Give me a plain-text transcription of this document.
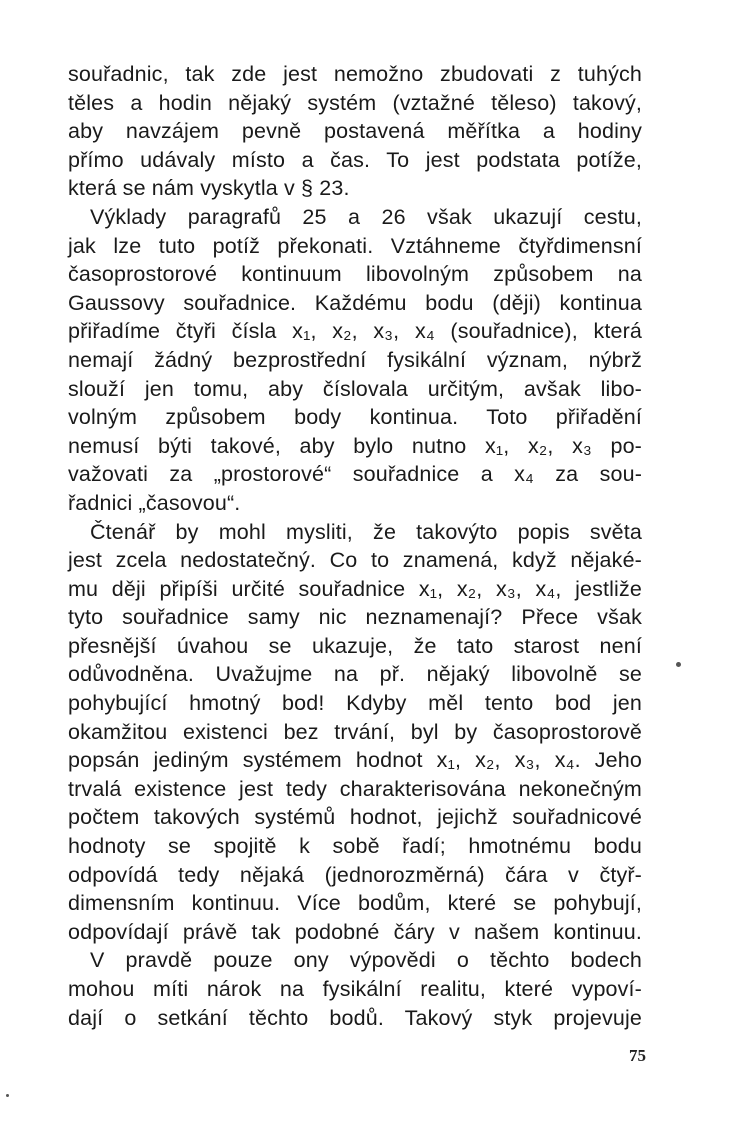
souřadnic, tak zde jest nemožno zbudovati z tuhých
těles a hodin nějaký systém (vztažné těleso) takový,
aby navzájem pevně postavená měřítka a hodiny
přímo udávaly místo a čas. To jest podstata potíže,
která se nám vyskytla v § 23.
Výklady paragrafů 25 a 26 však ukazují cestu,
jak lze tuto potíž překonati. Vztáhneme čtyřdimensní
časoprostorové kontinuum libovolným způsobem na
Gaussovy souřadnice. Každému bodu (ději) kontinua
přiřadíme čtyři čísla x₁, x₂, x₃, x₄ (souřadnice), která
nemají žádný bezprostřední fysikální význam, nýbrž
slouží jen tomu, aby číslovala určitým, avšak libo-
volným způsobem body kontinua. Toto přiřadění
nemusí býti takové, aby bylo nutno x₁, x₂, x₃ po-
važovati za „prostorové“ souřadnice a x₄ za sou-
řadnici „časovou“.
Čtenář by mohl mysliti, že takovýto popis světa
jest zcela nedostatečný. Co to znamená, když nějaké-
mu ději připíši určité souřadnice x₁, x₂, x₃, x₄, jestliže
tyto souřadnice samy nic neznamenají? Přece však
přesnější úvahou se ukazuje, že tato starost není
odůvodněna. Uvažujme na př. nějaký libovolně se
pohybující hmotný bod! Kdyby měl tento bod jen
okamžitou existenci bez trvání, byl by časoprostorově
popsán jediným systémem hodnot x₁, x₂, x₃, x₄. Jeho
trvalá existence jest tedy charakterisována nekonečným
počtem takových systémů hodnot, jejichž souřadnicové
hodnoty se spojitě k sobě řadí; hmotnému bodu
odpovídá tedy nějaká (jednorozměrná) čára v čtyř-
dimensním kontinuu. Více bodům, které se pohybují,
odpovídají právě tak podobné čáry v našem kontinuu.
V pravdě pouze ony výpovědi o těchto bodech
mohou míti nárok na fysikální realitu, které vypoví-
dají o setkání těchto bodů. Takový styk projevuje
75
